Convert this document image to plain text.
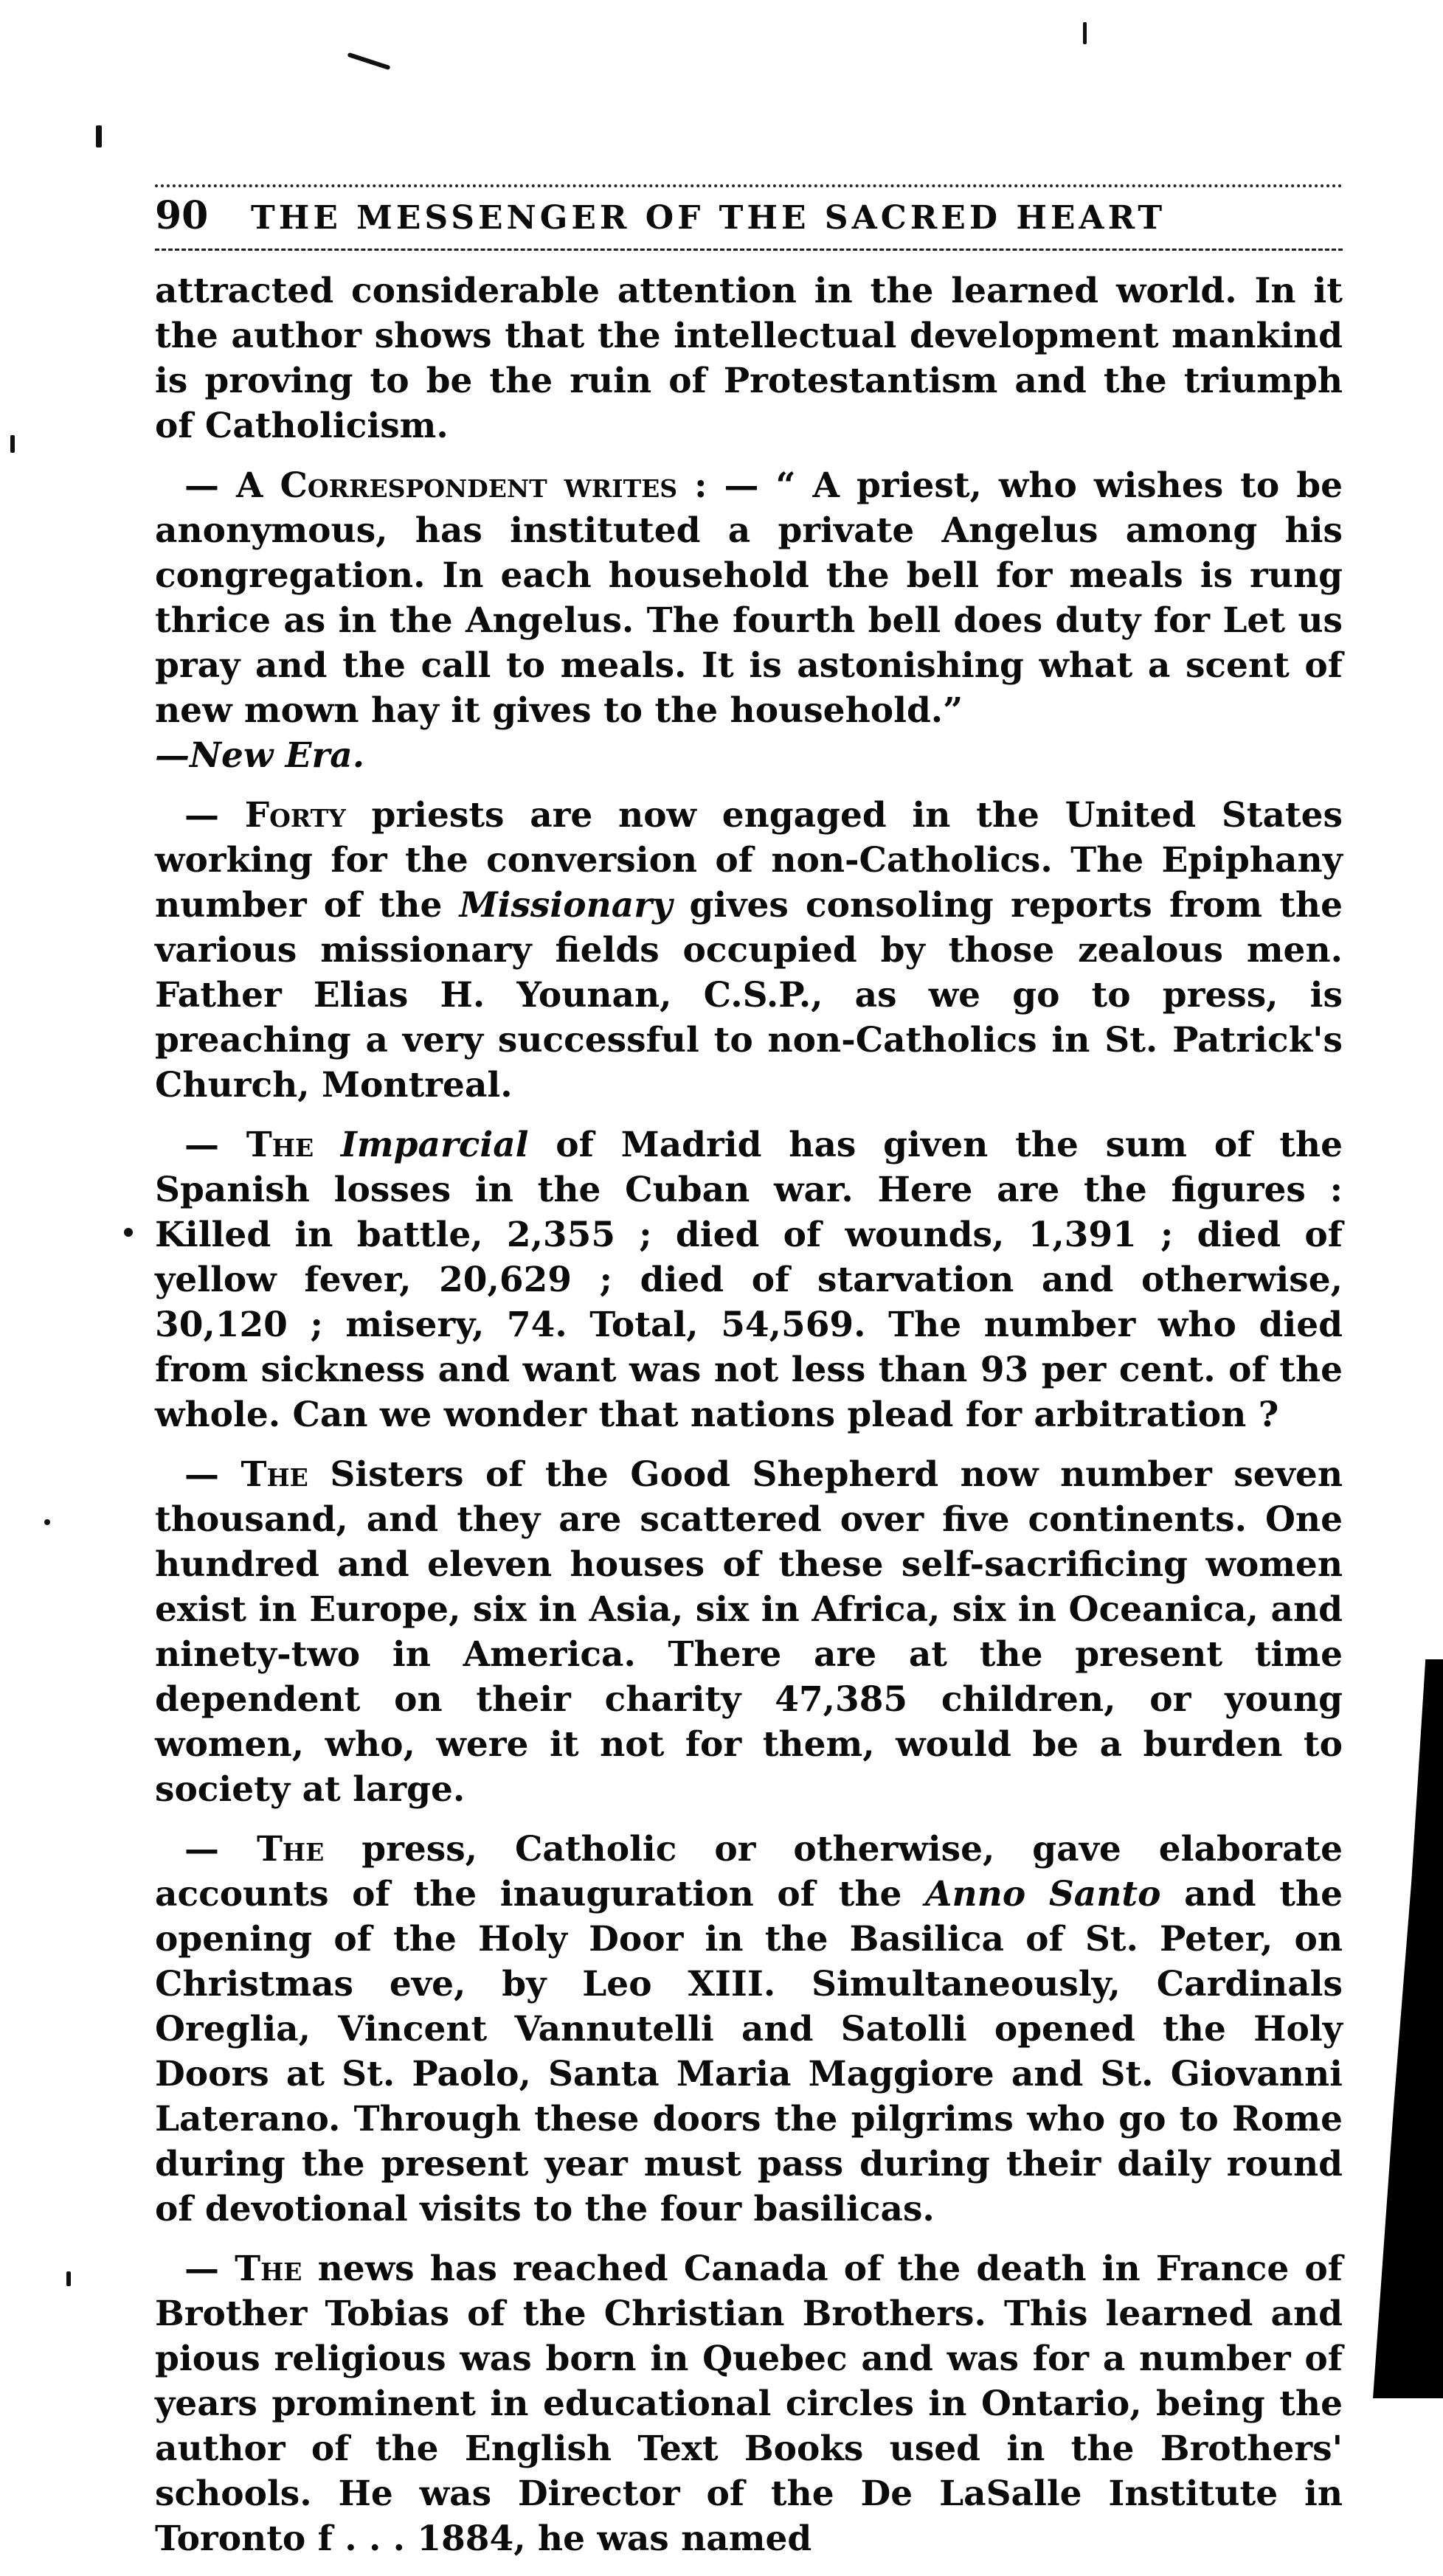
90	THE MESSENGER OF THE SACRED HEART

attracted considerable attention in the learned world. In it the author shows that the intellectual development mankind is proving to be the ruin of Protestantism and the triumph of Catholicism.

— A Correspondent writes : — “ A priest, who wishes to be anonymous, has instituted a private Angelus among his congregation. In each household the bell for meals is rung thrice as in the Angelus. The fourth bell does duty for Let us pray and the call to meals. It is astonishing what a scent of new mown hay it gives to the household.”
—New Era.

— Forty priests are now engaged in the United States working for the conversion of non-Catholics. The Epiphany number of the Missionary gives consoling reports from the various missionary fields occupied by those zealous men. Father Elias H. Younan, C.S.P., as we go to press, is preaching a very successful to non-Catholics in St. Patrick's Church, Montreal.

— The Imparcial of Madrid has given the sum of the Spanish losses in the Cuban war. Here are the figures : Killed in battle, 2,355 ; died of wounds, 1,391 ; died of yellow fever, 20,629 ; died of starvation and otherwise, 30,120 ; misery, 74. Total, 54,569. The number who died from sickness and want was not less than 93 per cent. of the whole. Can we wonder that nations plead for arbitration ?

— The Sisters of the Good Shepherd now number seven thousand, and they are scattered over five continents. One hundred and eleven houses of these self-sacrificing women exist in Europe, six in Asia, six in Africa, six in Oceanica, and ninety-two in America. There are at the present time dependent on their charity 47,385 children, or young women, who, were it not for them, would be a burden to society at large.

— The press, Catholic or otherwise, gave elaborate accounts of the inauguration of the Anno Santo and the opening of the Holy Door in the Basilica of St. Peter, on Christmas eve, by Leo XIII. Simultaneously, Cardinals Oreglia, Vincent Vannutelli and Satolli opened the Holy Doors at St. Paolo, Santa Maria Maggiore and St. Giovanni Laterano. Through these doors the pilgrims who go to Rome during the present year must pass during their daily round of devotional visits to the four basilicas.

— The news has reached Canada of the death in France of Brother Tobias of the Christian Brothers. This learned and pious religious was born in Quebec and was for a number of years prominent in educational circles in Ontario, being the author of the English Text Books used in the Brothers' schools. He was Director of the De LaSalle Institute in Toronto f . . . 1884, he was named
